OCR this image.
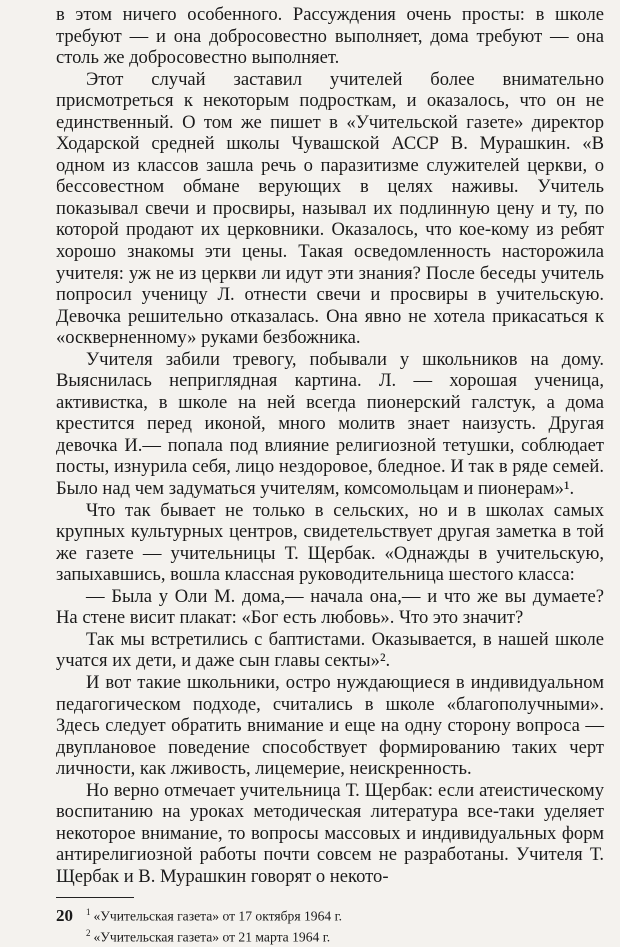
в этом ничего особенного. Рассуждения очень просты: в школе требуют — и она добросовестно выполняет, дома требуют — она столь же добросовестно выполняет.

Этот случай заставил учителей более внимательно присмотреться к некоторым подросткам, и оказалось, что он не единственный. О том же пишет в «Учительской газете» директор Ходарской средней школы Чувашской АССР В. Мурашкин. «В одном из классов зашла речь о паразитизме служителей церкви, о бессовестном обмане верующих в целях наживы. Учитель показывал свечи и просвиры, называл их подлинную цену и ту, по которой продают их церковники. Оказалось, что кое-кому из ребят хорошо знакомы эти цены. Такая осведомленность насторожила учителя: уж не из церкви ли идут эти знания? После беседы учитель попросил ученицу Л. отнести свечи и просвиры в учительскую. Девочка решительно отказалась. Она явно не хотела прикасаться к «оскверненному» руками безбожника.

Учителя забили тревогу, побывали у школьников на дому. Выяснилась неприглядная картина. Л. — хорошая ученица, активистка, в школе на ней всегда пионерский галстук, а дома крестится перед иконой, много молитв знает наизусть. Другая девочка И.— попала под влияние религиозной тетушки, соблюдает посты, изнурила себя, лицо нездоровое, бледное. И так в ряде семей. Было над чем задуматься учителям, комсомольцам и пионерам»¹.

Что так бывает не только в сельских, но и в школах самых крупных культурных центров, свидетельствует другая заметка в той же газете — учительницы Т. Щербак. «Однажды в учительскую, запыхавшись, вошла классная руководительница шестого класса:

— Была у Оли М. дома,— начала она,— и что же вы думаете? На стене висит плакат: «Бог есть любовь». Что это значит?

Так мы встретились с баптистами. Оказывается, в нашей школе учатся их дети, и даже сын главы секты»².

И вот такие школьники, остро нуждающиеся в индивидуальном педагогическом подходе, считались в школе «благополучными». Здесь следует обратить внимание и еще на одну сторону вопроса — двуплановое поведение способствует формированию таких черт личности, как лживость, лицемерие, неискренность.

Но верно отмечает учительница Т. Щербак: если атеистическому воспитанию на уроках методическая литература все-таки уделяет некоторое внимание, то вопросы массовых и индивидуальных форм антирелигиозной работы почти совсем не разработаны. Учителя Т. Щербак и В. Мурашкин говорят о некото-

$^1$ «Учительская газета» от 17 октября 1964 г.

$^2$ «Учительская газета» от 21 марта 1964 г.

20
